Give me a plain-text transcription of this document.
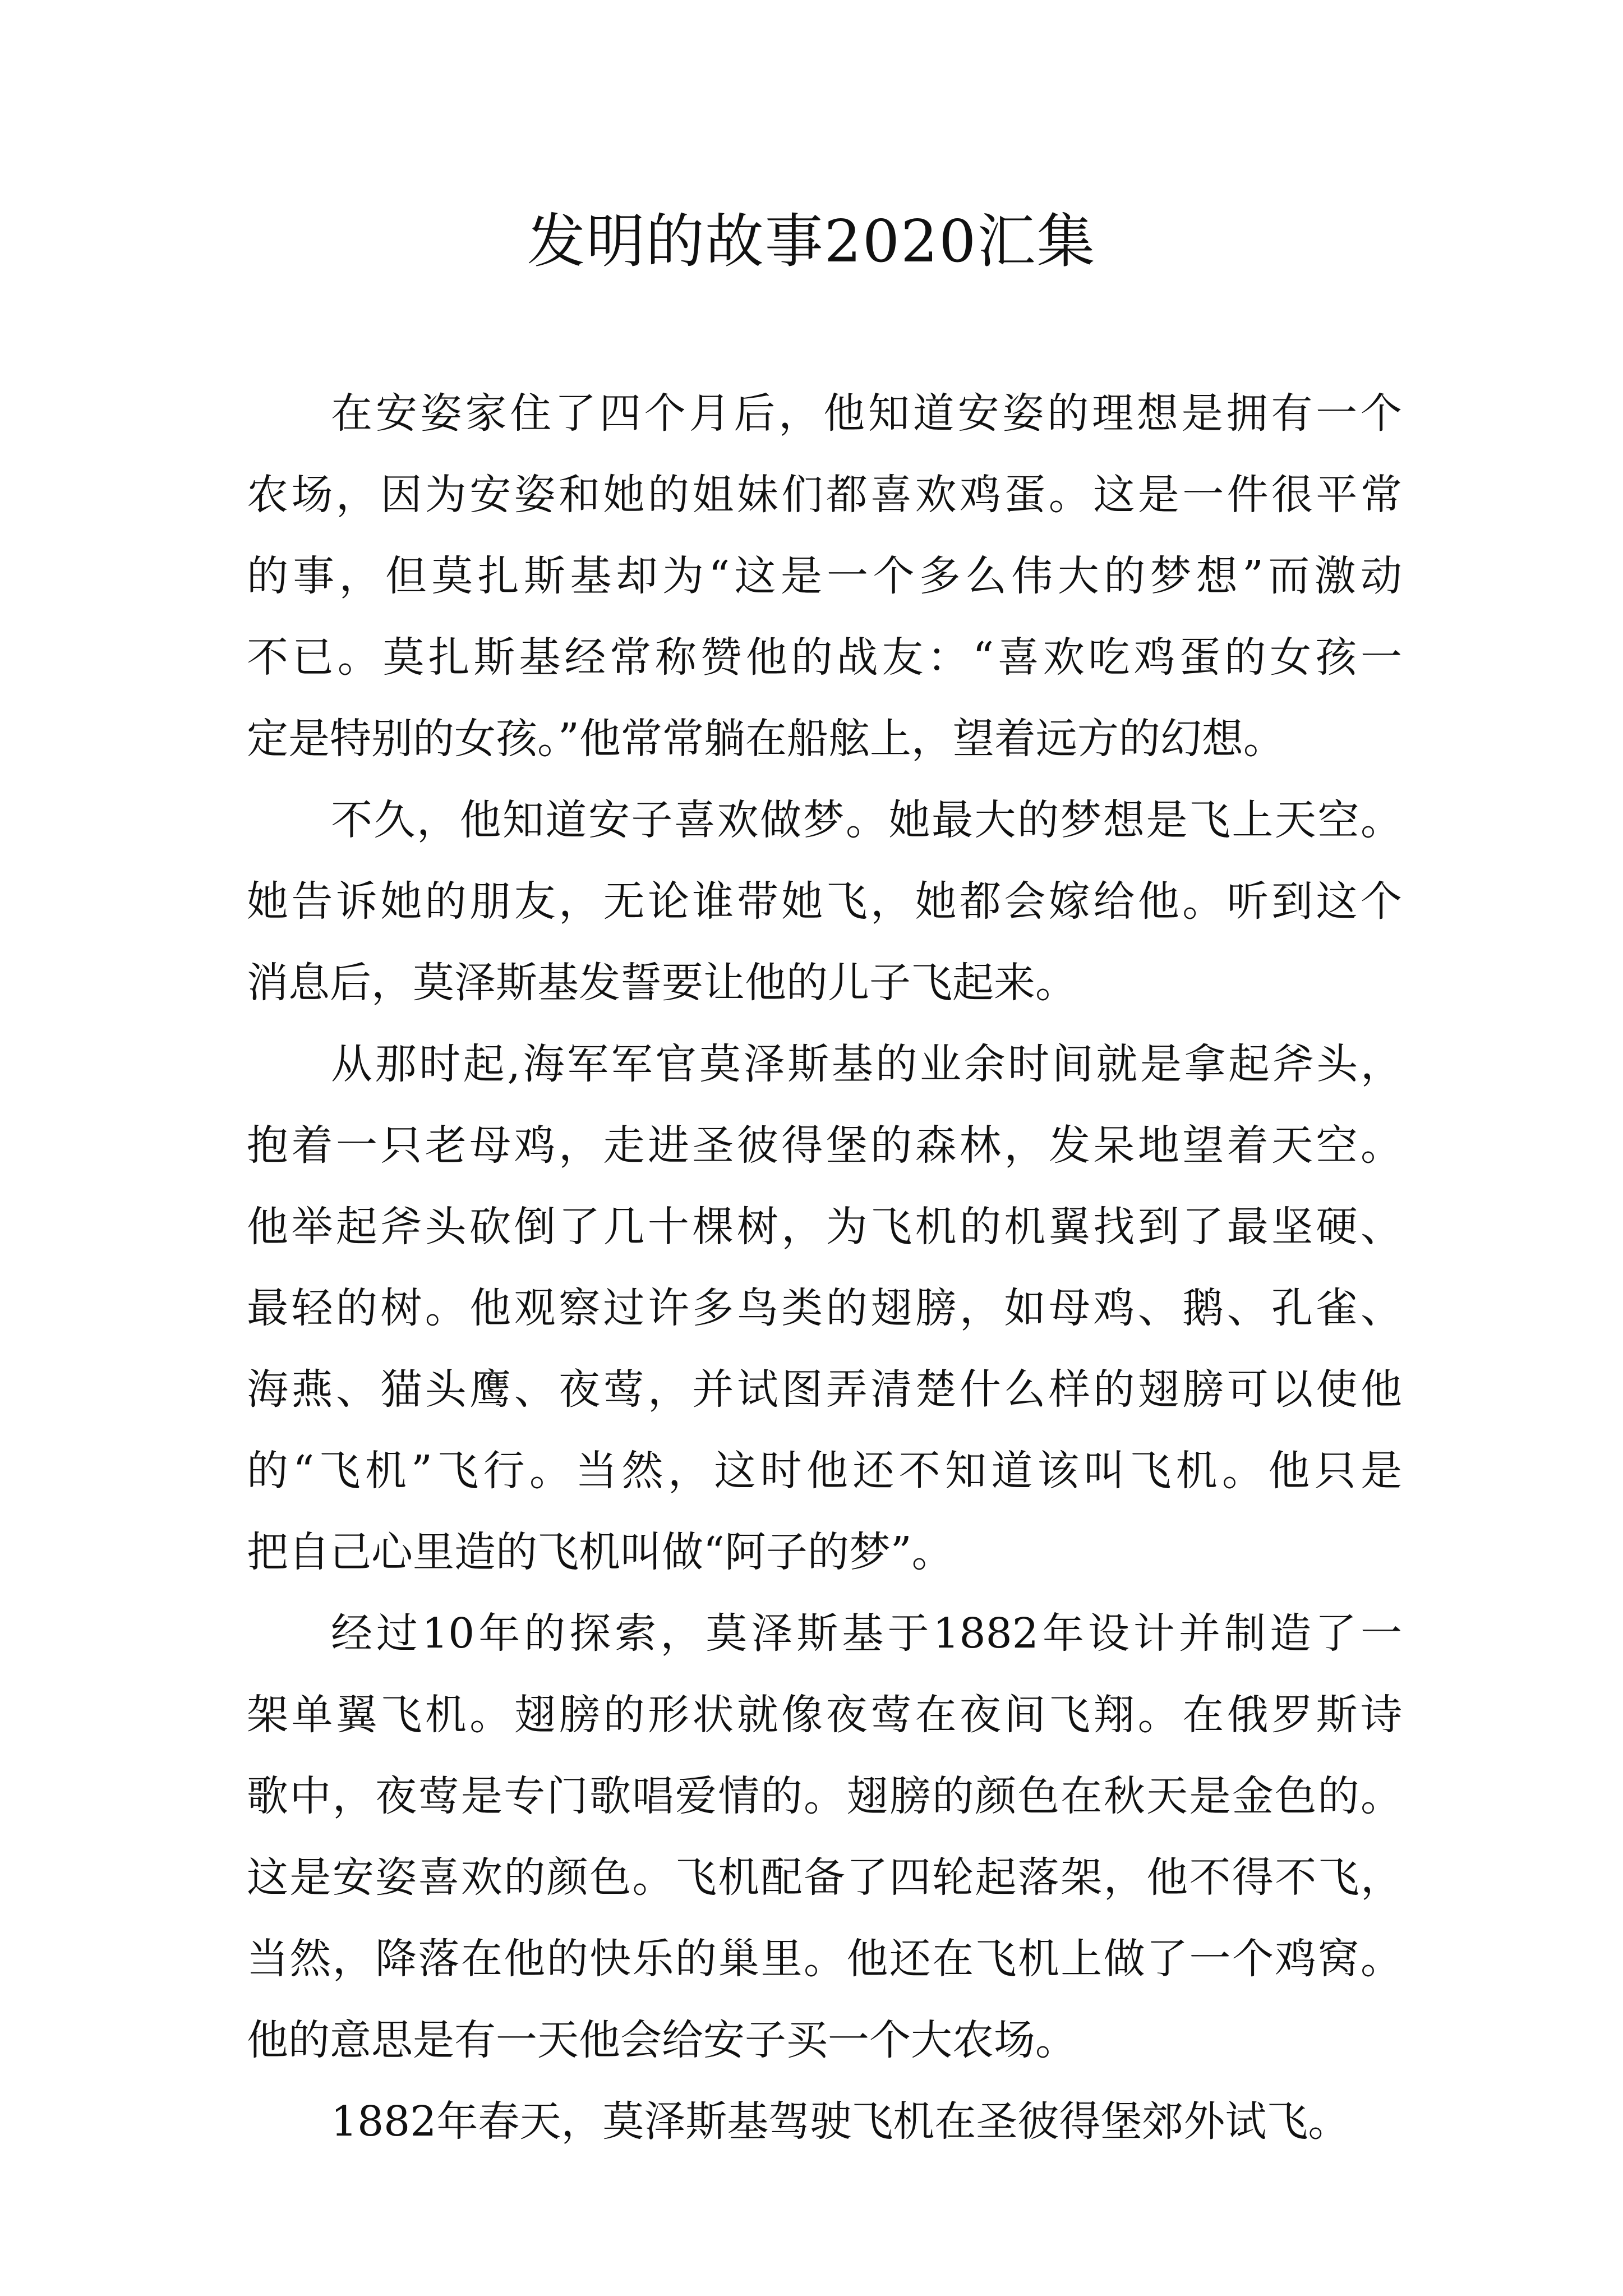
发明的故事2020汇集
在安姿家住了四个月后，他知道安姿的理想是拥有一个
农场，因为安姿和她的姐妹们都喜欢鸡蛋。这是一件很平常
的事，但莫扎斯基却为“这是一个多么伟大的梦想”而激动
不已。莫扎斯基经常称赞他的战友：“喜欢吃鸡蛋的女孩一
定是特别的女孩。”他常常躺在船舷上，望着远方的幻想。
不久，他知道安子喜欢做梦。她最大的梦想是飞上天空。
她告诉她的朋友，无论谁带她飞，她都会嫁给他。听到这个
消息后，莫泽斯基发誓要让他的儿子飞起来。
从那时起,海军军官莫泽斯基的业余时间就是拿起斧头，
抱着一只老母鸡，走进圣彼得堡的森林，发呆地望着天空。
他举起斧头砍倒了几十棵树，为飞机的机翼找到了最坚硬、
最轻的树。他观察过许多鸟类的翅膀，如母鸡、鹅、孔雀、
海燕、猫头鹰、夜莺，并试图弄清楚什么样的翅膀可以使他
的“飞机”飞行。当然，这时他还不知道该叫飞机。他只是
把自己心里造的飞机叫做“阿子的梦”。
经过10年的探索，莫泽斯基于1882年设计并制造了一
架单翼飞机。翅膀的形状就像夜莺在夜间飞翔。在俄罗斯诗
歌中，夜莺是专门歌唱爱情的。翅膀的颜色在秋天是金色的。
这是安姿喜欢的颜色。飞机配备了四轮起落架，他不得不飞，
当然，降落在他的快乐的巢里。他还在飞机上做了一个鸡窝。
他的意思是有一天他会给安子买一个大农场。
1882年春天，莫泽斯基驾驶飞机在圣彼得堡郊外试飞。
